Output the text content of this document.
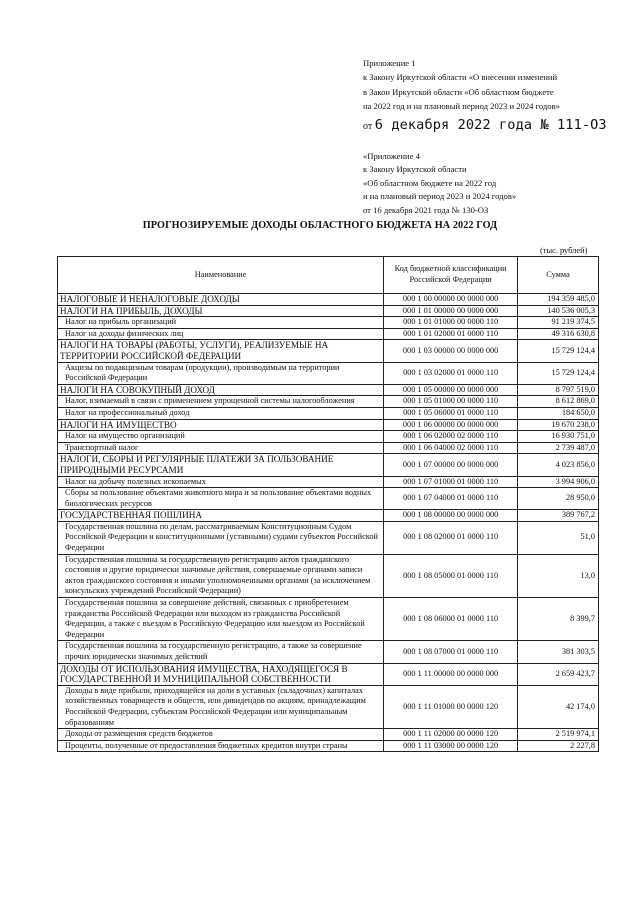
Приложение 1
к Закону Иркутской области «О внесении изменений
в Закон Иркутской области «Об областном бюджете
на 2022 год и на плановый период 2023 и 2024 годов»
от 6 декабря 2022 года № 111-ОЗ
«Приложение 4
к Закону Иркутской области
«Об областном бюджете на 2022 год
и на плановый период 2023 и 2024 годов»
от 16 декабря 2021 года № 130-ОЗ
ПРОГНОЗИРУЕМЫЕ ДОХОДЫ ОБЛАСТНОГО БЮДЖЕТА НА 2022 ГОД
(тыс. рублей)
Наименование	Код бюджетной классификации Российской Федерации	Сумма
НАЛОГОВЫЕ И НЕНАЛОГОВЫЕ ДОХОДЫ	000 1 00 00000 00 0000 000	194 359 485,0
НАЛОГИ НА ПРИБЫЛЬ, ДОХОДЫ	000 1 01 00000 00 0000 000	140 536 005,3
Налог на прибыль организаций	000 1 01 01000 00 0000 110	91 219 374,5
Налог на доходы физических лиц	000 1 01 02000 01 0000 110	49 316 630,8
НАЛОГИ НА ТОВАРЫ (РАБОТЫ, УСЛУГИ), РЕАЛИЗУЕМЫЕ НА ТЕРРИТОРИИ РОССИЙСКОЙ ФЕДЕРАЦИИ	000 1 03 00000 00 0000 000	15 729 124,4
Акцизы по подакцизным товарам (продукции), производимым на территории Российской Федерации	000 1 03 02000 01 0000 110	15 729 124,4
НАЛОГИ НА СОВОКУПНЫЙ ДОХОД	000 1 05 00000 00 0000 000	8 797 519,0
Налог, взимаемый в связи с применением упрощенной системы налогообложения	000 1 05 01000 00 0000 110	8 612 869,0
Налог на профессиональный доход	000 1 05 06000 01 0000 110	184 650,0
НАЛОГИ НА ИМУЩЕСТВО	000 1 06 00000 00 0000 000	19 670 238,0
Налог на имущество организаций	000 1 06 02000 02 0000 110	16 930 751,0
Транспортный налог	000 1 06 04000 02 0000 110	2 739 487,0
НАЛОГИ, СБОРЫ И РЕГУЛЯРНЫЕ ПЛАТЕЖИ ЗА ПОЛЬЗОВАНИЕ ПРИРОДНЫМИ РЕСУРСАМИ	000 1 07 00000 00 0000 000	4 023 856,0
Налог на добычу полезных ископаемых	000 1 07 01000 01 0000 110	3 994 906,0
Сборы за пользование объектами животного мира и за пользование объектами водных биологических ресурсов	000 1 07 04000 01 0000 110	28 950,0
ГОСУДАРСТВЕННАЯ ПОШЛИНА	000 1 08 00000 00 0000 000	389 767,2
Государственная пошлина по делам, рассматриваемым Конституционным Судом Российской Федерации и конституционными (уставными) судами субъектов Российской Федерации	000 1 08 02000 01 0000 110	51,0
Государственная пошлина за государственную регистрацию актов гражданского состояния и другие юридически значимые действия, совершаемые органами записи актов гражданского состояния и иными уполномоченными органами (за исключением консульских учреждений Российской Федерации)	000 1 08 05000 01 0000 110	13,0
Государственная пошлина за совершение действий, связанных с приобретением гражданства Российской Федерации или выходом из гражданства Российской Федерации, а также с въездом в Российскую Федерацию или выездом из Российской Федерации	000 1 08 06000 01 0000 110	8 399,7
Государственная пошлина за государственную регистрацию, а также за совершение прочих юридически значимых действий	000 1 08 07000 01 0000 110	381 303,5
ДОХОДЫ ОТ ИСПОЛЬЗОВАНИЯ ИМУЩЕСТВА, НАХОДЯЩЕГОСЯ В ГОСУДАРСТВЕННОЙ И МУНИЦИПАЛЬНОЙ СОБСТВЕННОСТИ	000 1 11 00000 00 0000 000	2 659 423,7
Доходы в виде прибыли, приходящейся на доли в уставных (складочных) капиталах хозяйственных товариществ и обществ, или дивидендов по акциям, принадлежащим Российской Федерации, субъектам Российской Федерации или муниципальным образованиям	000 1 11 01000 00 0000 120	42 174,0
Доходы от размещения средств бюджетов	000 1 11 02000 00 0000 120	2 519 974,1
Проценты, полученные от предоставления бюджетных кредитов внутри страны	000 1 11 03000 00 0000 120	2 227,8
